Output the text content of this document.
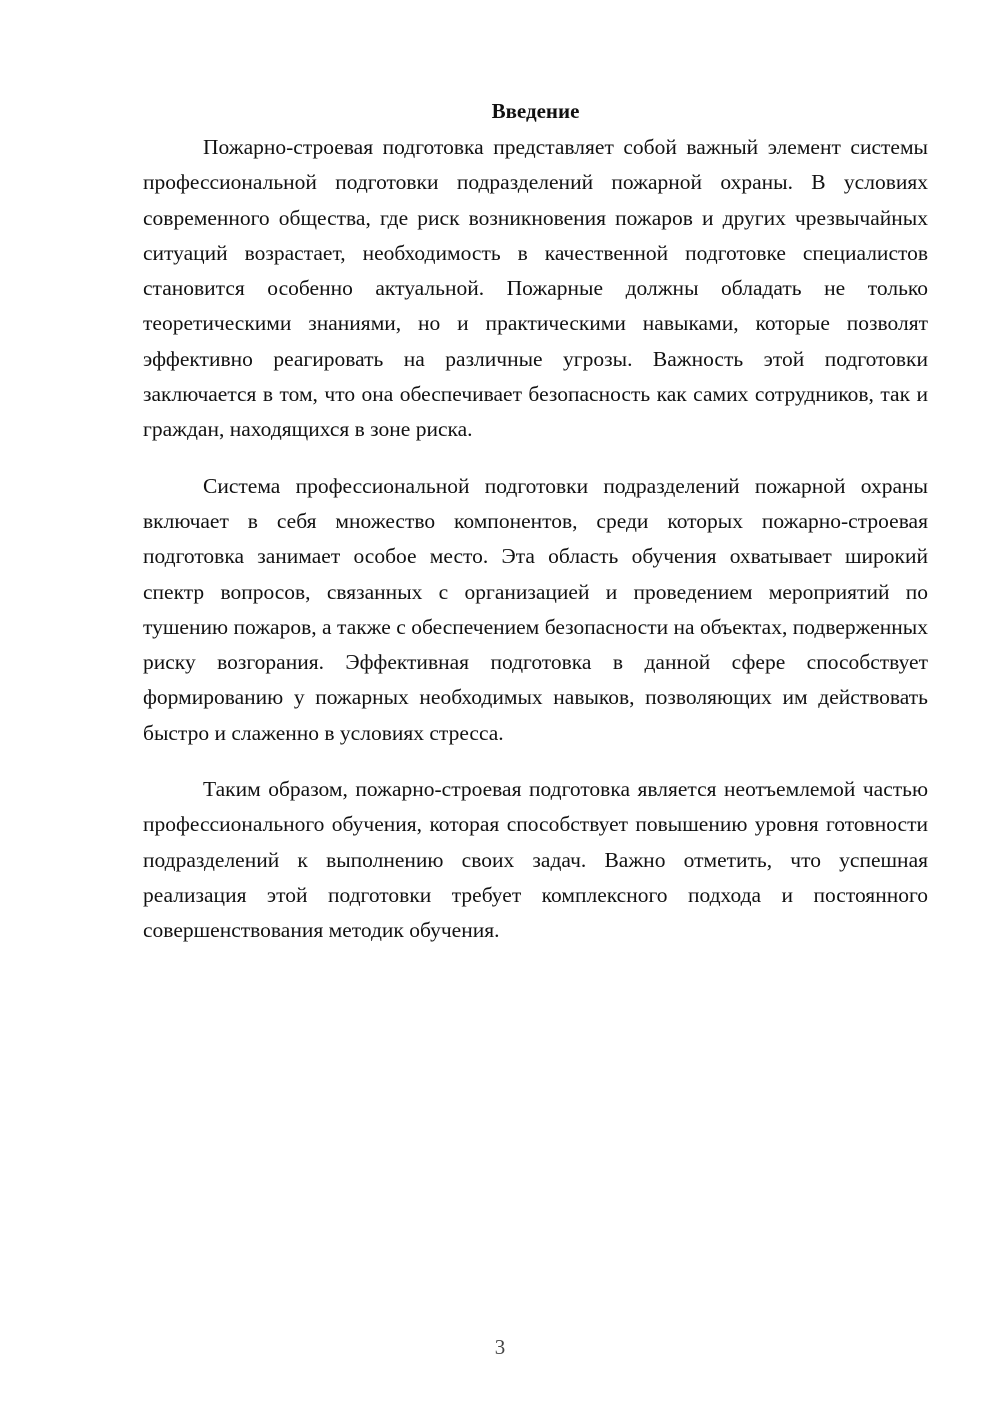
Введение

Пожарно-строевая подготовка представляет собой важный элемент системы профессиональной подготовки подразделений пожарной охраны. В условиях современного общества, где риск возникновения пожаров и других чрезвычайных ситуаций возрастает, необходимость в качественной подготовке специалистов становится особенно актуальной. Пожарные должны обладать не только теоретическими знаниями, но и практическими навыками, которые позволят эффективно реагировать на различные угрозы. Важность этой подготовки заключается в том, что она обеспечивает безопасность как самих сотрудников, так и граждан, находящихся в зоне риска.

Система профессиональной подготовки подразделений пожарной охраны включает в себя множество компонентов, среди которых пожарно-строевая подготовка занимает особое место. Эта область обучения охватывает широкий спектр вопросов, связанных с организацией и проведением мероприятий по тушению пожаров, а также с обеспечением безопасности на объектах, подверженных риску возгорания. Эффективная подготовка в данной сфере способствует формированию у пожарных необходимых навыков, позволяющих им действовать быстро и слаженно в условиях стресса.

Таким образом, пожарно-строевая подготовка является неотъемлемой частью профессионального обучения, которая способствует повышению уровня готовности подразделений к выполнению своих задач. Важно отметить, что успешная реализация этой подготовки требует комплексного подхода и постоянного совершенствования методик обучения.

3
